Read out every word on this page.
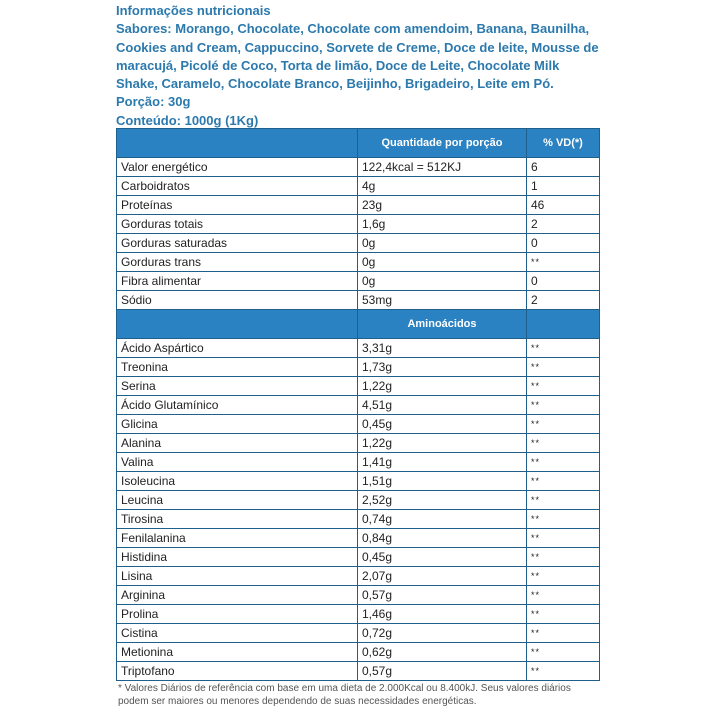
Informações nutricionais

Sabores: Morango, Chocolate, Chocolate com amendoim, Banana, Baunilha, Cookies and Cream, Cappuccino, Sorvete de Creme, Doce de leite, Mousse de maracujá, Picolé de Coco, Torta de limão, Doce de Leite, Chocolate Milk Shake, Caramelo, Chocolate Branco, Beijinho, Brigadeiro, Leite em Pó.

Porção: 30g

Conteúdo: 1000g (1Kg)

	Quantidade por porção	% VD(*)
Valor energético	122,4kcal = 512KJ	6
Carboidratos	4g	1
Proteínas	23g	46
Gorduras totais	1,6g	2
Gorduras saturadas	0g	0
Gorduras trans	0g	**
Fibra alimentar	0g	0
Sódio	53mg	2
	Aminoácidos	
Ácido Aspártico	3,31g	**
Treonina	1,73g	**
Serina	1,22g	**
Ácido Glutamínico	4,51g	**
Glicina	0,45g	**
Alanina	1,22g	**
Valina	1,41g	**
Isoleucina	1,51g	**
Leucina	2,52g	**
Tirosina	0,74g	**
Fenilalanina	0,84g	**
Histidina	0,45g	**
Lisina	2,07g	**
Arginina	0,57g	**
Prolina	1,46g	**
Cistina	0,72g	**
Metionina	0,62g	**
Triptofano	0,57g	**

* Valores Diários de referência com base em uma dieta de 2.000Kcal ou 8.400kJ. Seus valores diários podem ser maiores ou menores dependendo de suas necessidades energéticas.
